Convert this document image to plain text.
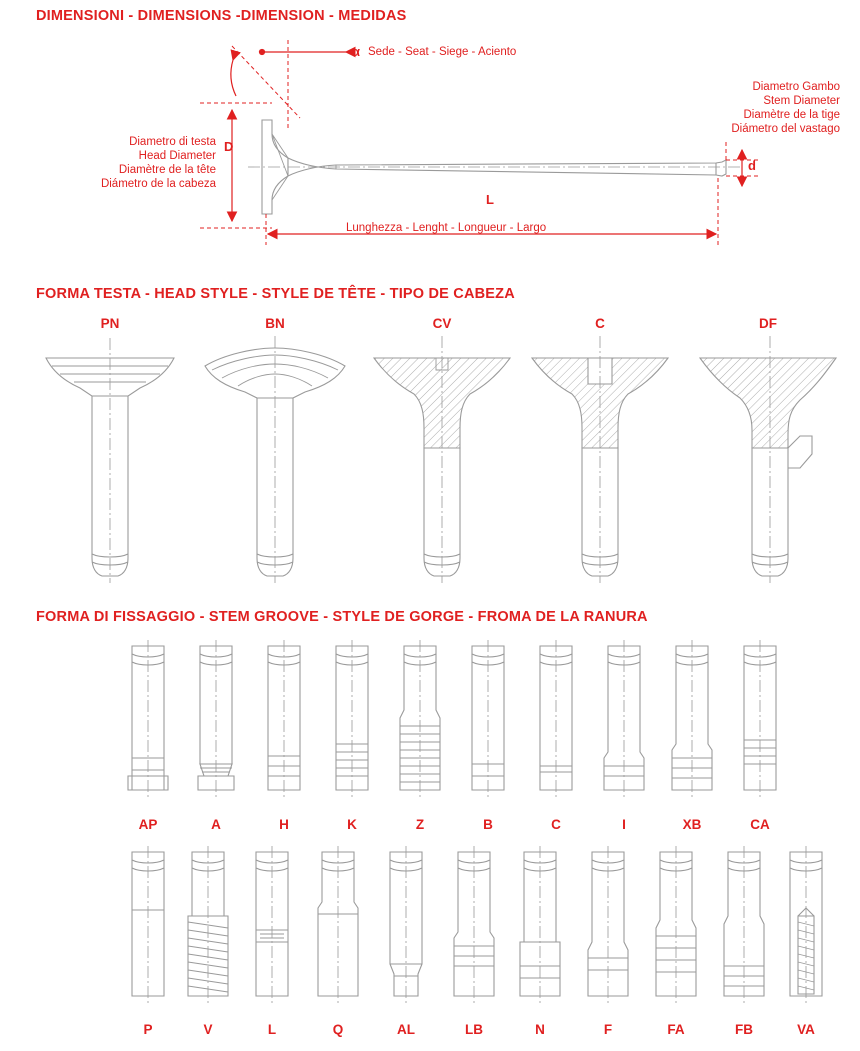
DIMENSIONI - DIMENSIONS -DIMENSION - MEDIDAS
α Sede - Seat - Siege - Aciento
D
d
L
Diametro di testa
Head Diameter
Diamètre de la tête
Diámetro de la cabeza
Diametro Gambo
Stem Diameter
Diamètre de la tige
Diámetro del vastago
Lunghezza - Lenght - Longueur - Largo
FORMA TESTA - HEAD STYLE - STYLE DE TÊTE - TIPO DE CABEZA
PN	BN	CV	C	DF
FORMA DI FISSAGGIO - STEM GROOVE - STYLE DE GORGE - FROMA DE LA RANURA
AP	A	H	K	Z	B	C	I	XB	CA
P	V	L	Q	AL	LB	N	F	FA	FB	VA
